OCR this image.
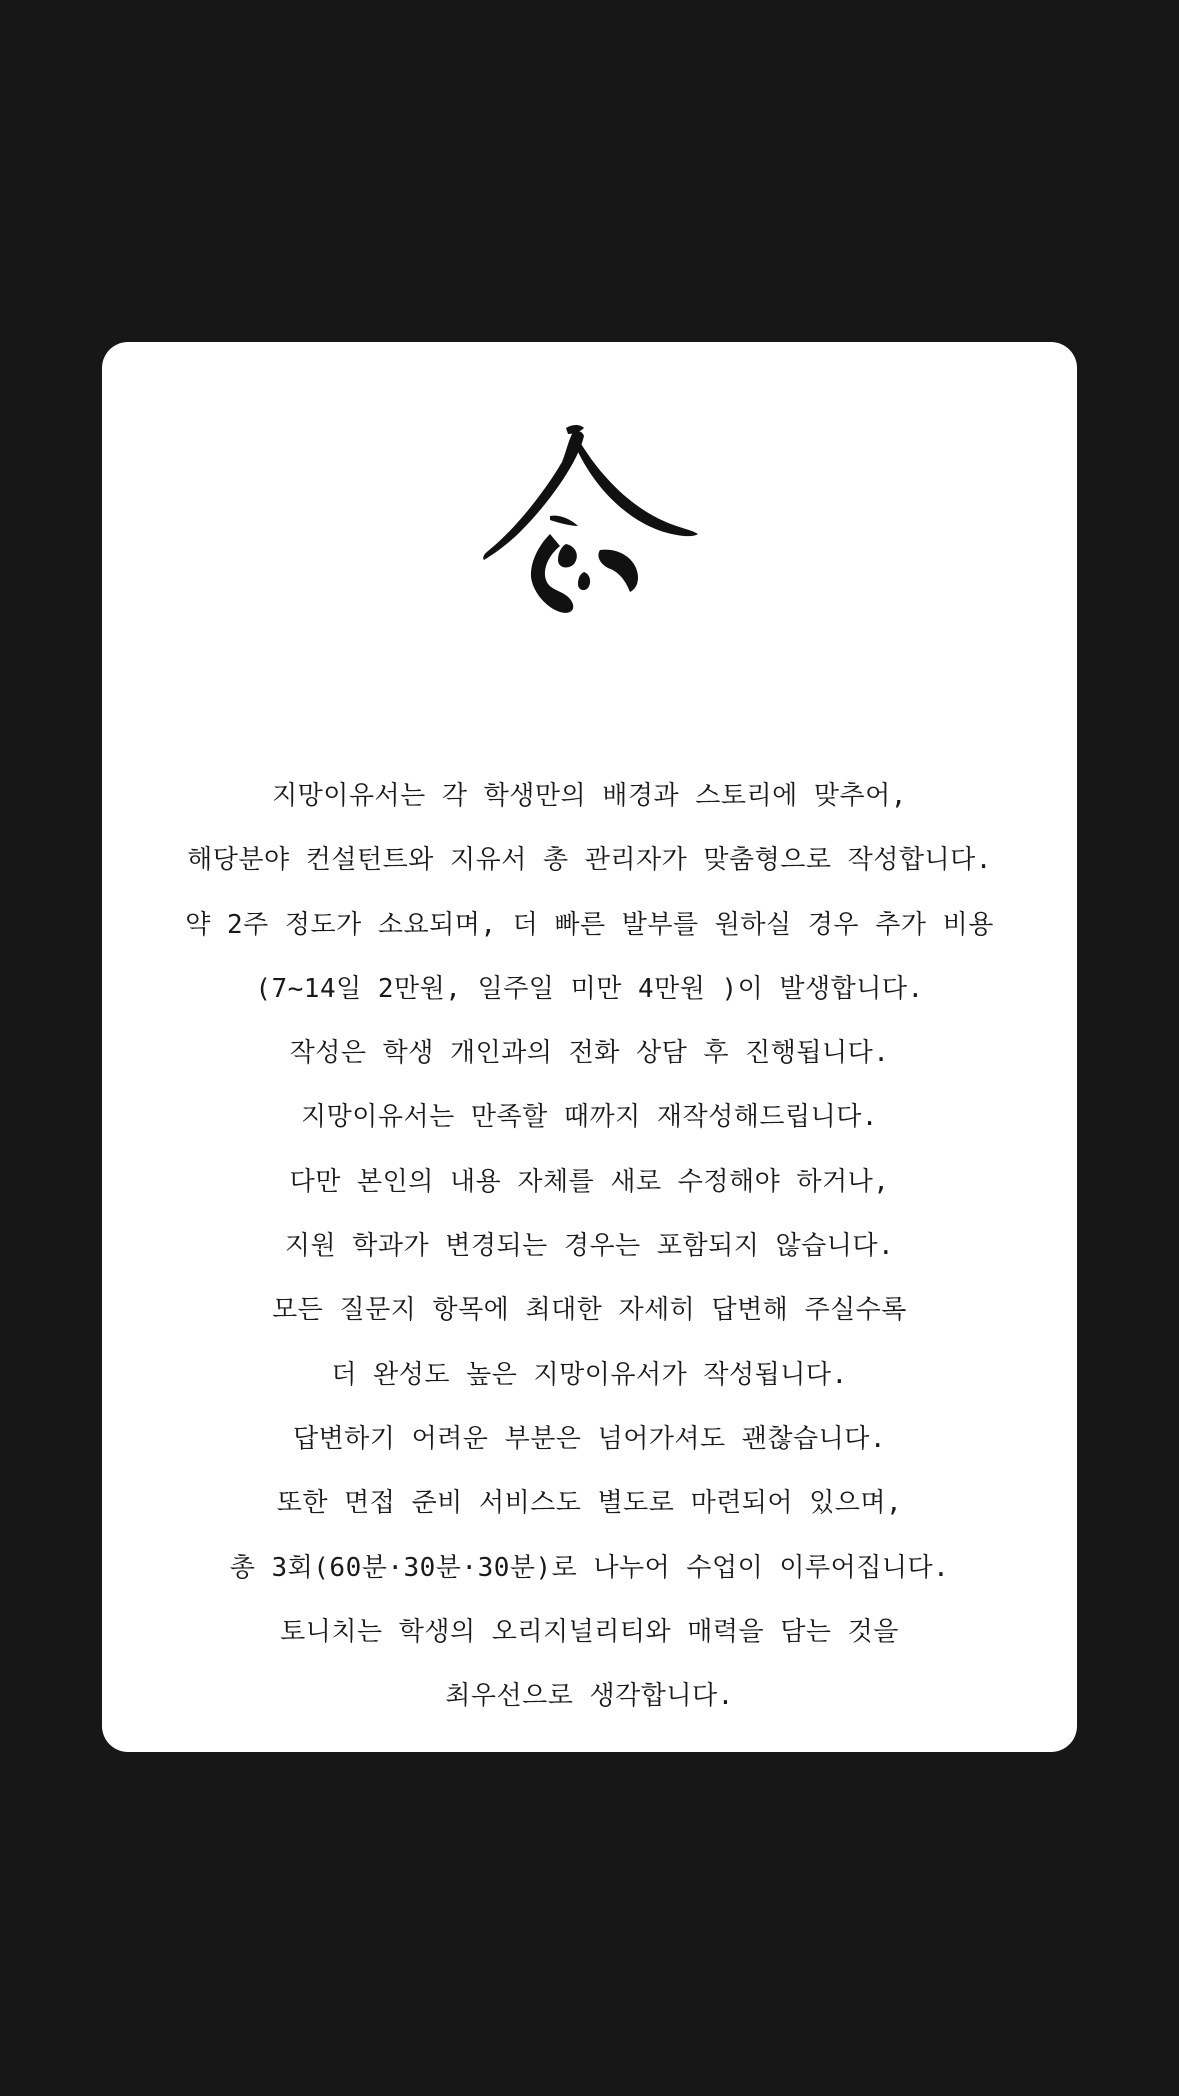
지망이유서는 각 학생만의 배경과 스토리에 맞추어,
해당분야 컨설턴트와 지유서 총 관리자가 맞춤형으로 작성합니다.
약 2주 정도가 소요되며, 더 빠른 발부를 원하실 경우 추가 비용
(7~14일 2만원, 일주일 미만 4만원 )이 발생합니다.
작성은 학생 개인과의 전화 상담 후 진행됩니다.
지망이유서는 만족할 때까지 재작성해드립니다.
다만 본인의 내용 자체를 새로 수정해야 하거나,
지원 학과가 변경되는 경우는 포함되지 않습니다.
모든 질문지 항목에 최대한 자세히 답변해 주실수록
더 완성도 높은 지망이유서가 작성됩니다.
답변하기 어려운 부분은 넘어가셔도 괜찮습니다.
또한 면접 준비 서비스도 별도로 마련되어 있으며,
총 3회(60분·30분·30분)로 나누어 수업이 이루어집니다.
토니치는 학생의 오리지널리티와 매력을 담는 것을
최우선으로 생각합니다.
